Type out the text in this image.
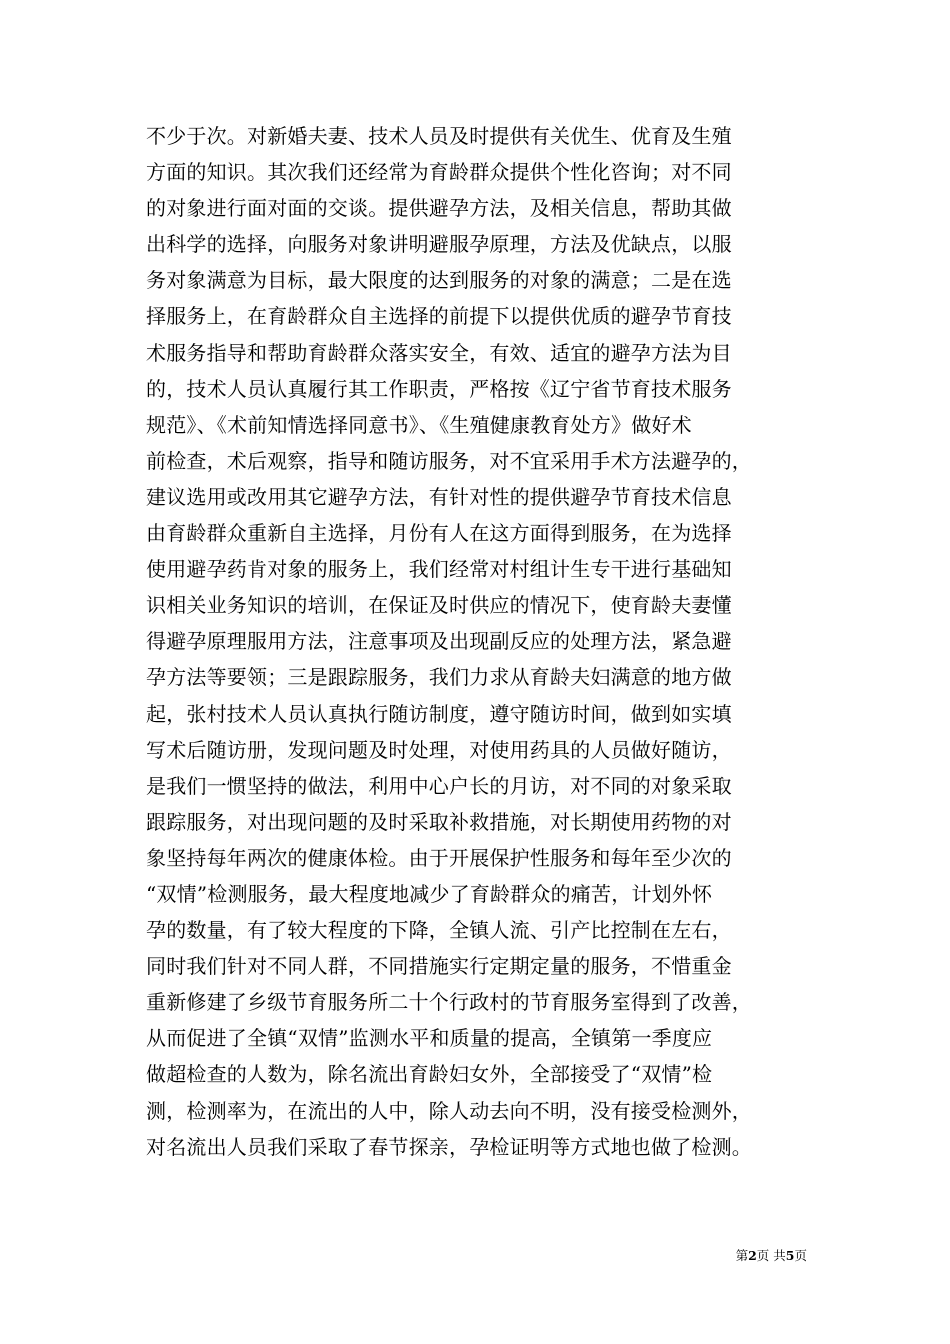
不少于次。对新婚夫妻、技术人员及时提供有关优生、优育及生殖
方面的知识。其次我们还经常为育龄群众提供个性化咨询；对不同
的对象进行面对面的交谈。提供避孕方法，及相关信息，帮助其做
出科学的选择，向服务对象讲明避服孕原理，方法及优缺点，以服
务对象满意为目标，最大限度的达到服务的对象的满意；二是在选
择服务上，在育龄群众自主选择的前提下以提供优质的避孕节育技
术服务指导和帮助育龄群众落实安全，有效、适宜的避孕方法为目
的，技术人员认真履行其工作职责，严格按《辽宁省节育技术服务
规范》、《术前知情选择同意书》、《生殖健康教育处方》做好术
前检查，术后观察，指导和随访服务，对不宜采用手术方法避孕的，
建议选用或改用其它避孕方法，有针对性的提供避孕节育技术信息
由育龄群众重新自主选择，月份有人在这方面得到服务，在为选择
使用避孕药肯对象的服务上，我们经常对村组计生专干进行基础知
识相关业务知识的培训，在保证及时供应的情况下，使育龄夫妻懂
得避孕原理服用方法，注意事项及出现副反应的处理方法，紧急避
孕方法等要领；三是跟踪服务，我们力求从育龄夫妇满意的地方做
起，张村技术人员认真执行随访制度，遵守随访时间，做到如实填
写术后随访册，发现问题及时处理，对使用药具的人员做好随访，
是我们一惯坚持的做法，利用中心户长的月访，对不同的对象采取
跟踪服务，对出现问题的及时采取补救措施，对长期使用药物的对
象坚持每年两次的健康体检。由于开展保护性服务和每年至少次的
“双情”检测服务，最大程度地减少了育龄群众的痛苦，计划外怀
孕的数量，有了较大程度的下降，全镇人流、引产比控制在左右，
同时我们针对不同人群，不同措施实行定期定量的服务，不惜重金
重新修建了乡级节育服务所二十个行政村的节育服务室得到了改善，
从而促进了全镇“双情”监测水平和质量的提高，全镇第一季度应
做超检查的人数为，除名流出育龄妇女外，全部接受了“双情”检
测，检测率为，在流出的人中，除人动去向不明，没有接受检测外，
对名流出人员我们采取了春节探亲，孕检证明等方式地也做了检测。
第2页 共5页
